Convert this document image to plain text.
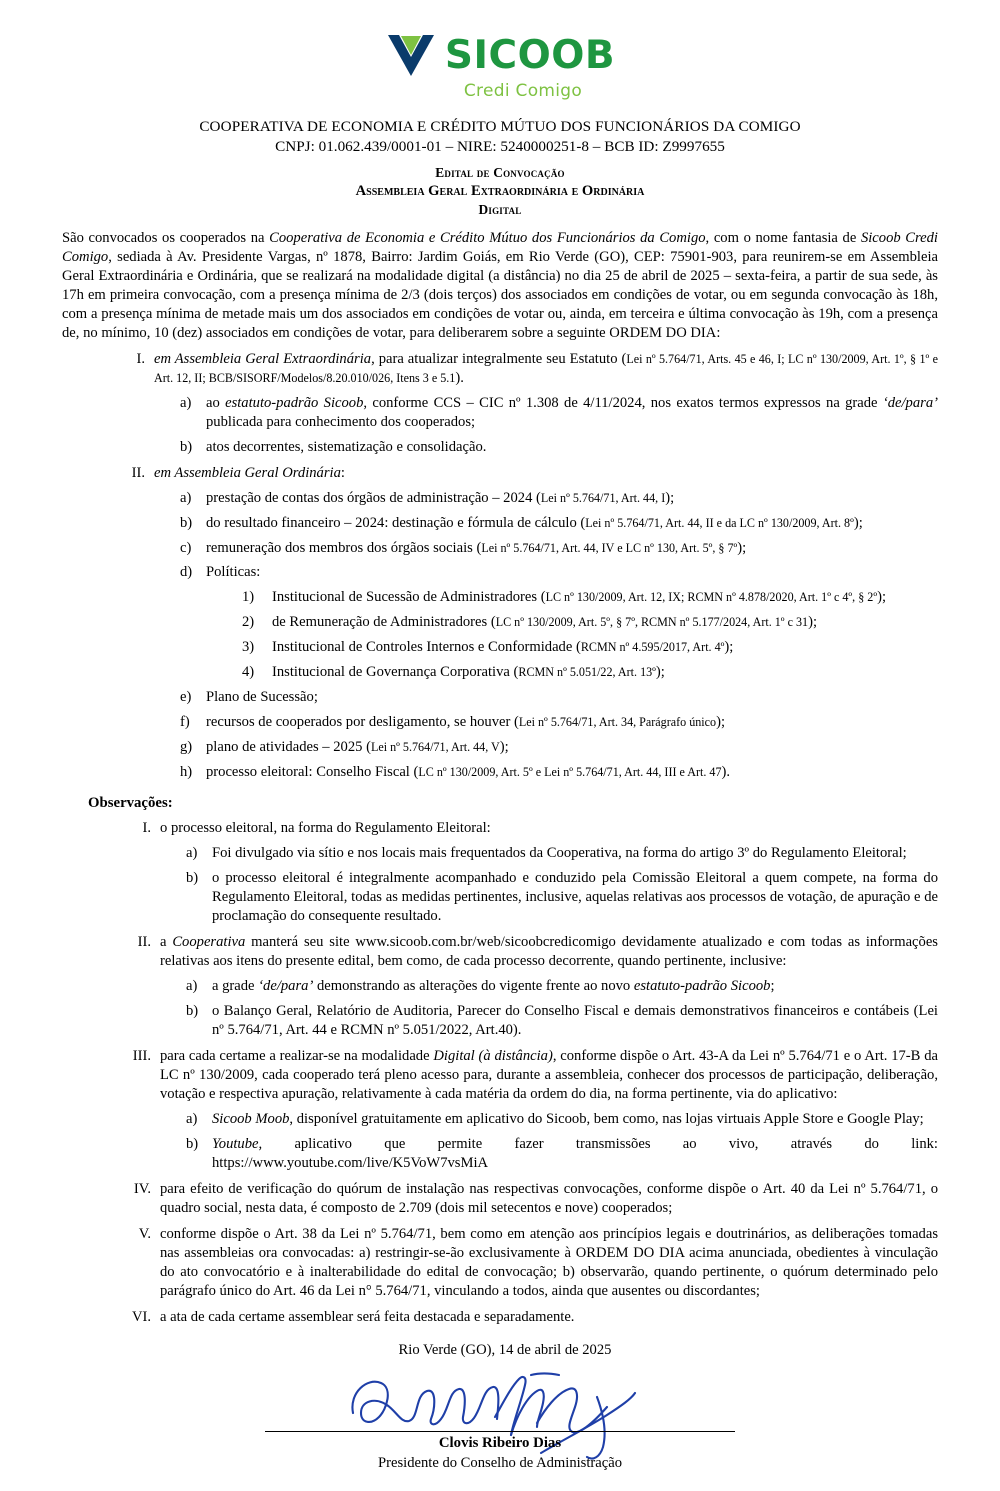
SICOOB
Credi Comigo
COOPERATIVA DE ECONOMIA E CRÉDITO MÚTUO DOS FUNCIONÁRIOS DA COMIGO
CNPJ: 01.062.439/0001-01 – NIRE: 5240000251-8 – BCB ID: Z9997655
Edital de Convocação
Assembleia Geral Extraordinária e Ordinária
Digital

São convocados os cooperados na Cooperativa de Economia e Crédito Mútuo dos Funcionários da Comigo, com o nome fantasia de Sicoob Credi Comigo, sediada à Av. Presidente Vargas, nº 1878, Bairro: Jardim Goiás, em Rio Verde (GO), CEP: 75901-903, para reunirem-se em Assembleia Geral Extraordinária e Ordinária, que se realizará na modalidade digital (a distância) no dia 25 de abril de 2025 – sexta-feira, a partir de sua sede, às 17h em primeira convocação, com a presença mínima de 2/3 (dois terços) dos associados em condições de votar, ou em segunda convocação às 18h, com a presença mínima de metade mais um dos associados em condições de votar ou, ainda, em terceira e última convocação às 19h, com a presença de, no mínimo, 10 (dez) associados em condições de votar, para deliberarem sobre a seguinte ORDEM DO DIA:

I. em Assembleia Geral Extraordinária, para atualizar integralmente seu Estatuto (Lei nº 5.764/71, Arts. 45 e 46, I; LC nº 130/2009, Art. 1º, § 1º e Art. 12, II; BCB/SISORF/Modelos/8.20.010/026, Itens 3 e 5.1).
a)	ao estatuto-padrão Sicoob, conforme CCS – CIC nº 1.308 de 4/11/2024, nos exatos termos expressos na grade ‘de/para’ publicada para conhecimento dos cooperados;
b) atos decorrentes, sistematização e consolidação.
II. em Assembleia Geral Ordinária:
a)	prestação de contas dos órgãos de administração – 2024 (Lei nº 5.764/71, Art. 44, I);
b) do resultado financeiro – 2024: destinação e fórmula de cálculo (Lei nº 5.764/71, Art. 44, II e da LC nº 130/2009, Art. 8º);
c)	remuneração dos membros dos órgãos sociais (Lei nº 5.764/71, Art. 44, IV e LC nº 130, Art. 5º, § 7º);
d) Políticas:
1)	Institucional de Sucessão de Administradores (LC nº 130/2009, Art. 12, IX; RCMN nº 4.878/2020, Art. 1º c 4º, § 2º);
2)	de Remuneração de Administradores (LC nº 130/2009, Art. 5º, § 7º, RCMN nº 5.177/2024, Art. 1º c 31);
3)	Institucional de Controles Internos e Conformidade (RCMN nº 4.595/2017, Art. 4º);
4)	Institucional de Governança Corporativa (RCMN nº 5.051/22, Art. 13º);
e)	Plano de Sucessão;
f)	recursos de cooperados por desligamento, se houver (Lei nº 5.764/71, Art. 34, Parágrafo único);
g) plano de atividades – 2025 (Lei nº 5.764/71, Art. 44, V);
h) processo eleitoral: Conselho Fiscal (LC nº 130/2009, Art. 5º e Lei nº 5.764/71, Art. 44, III e Art. 47).
Observações:
I. o processo eleitoral, na forma do Regulamento Eleitoral:
a)	Foi divulgado via sítio e nos locais mais frequentados da Cooperativa, na forma do artigo 3º do Regulamento Eleitoral;
b) o processo eleitoral é integralmente acompanhado e conduzido pela Comissão Eleitoral a quem compete, na forma do Regulamento Eleitoral, todas as medidas pertinentes, inclusive, aquelas relativas aos processos de votação, de apuração e de proclamação do consequente resultado.
II. a Cooperativa manterá seu site www.sicoob.com.br/web/sicoobcredicomigo devidamente atualizado e com todas as informações relativas aos itens do presente edital, bem como, de cada processo decorrente, quando pertinente, inclusive:
a)	a grade ‘de/para’ demonstrando as alterações do vigente frente ao novo estatuto-padrão Sicoob;
b) o Balanço Geral, Relatório de Auditoria, Parecer do Conselho Fiscal e demais demonstrativos financeiros e contábeis (Lei nº 5.764/71, Art. 44 e RCMN nº 5.051/2022, Art.40).
III. para cada certame a realizar-se na modalidade Digital (à distância), conforme dispõe o Art. 43-A da Lei nº 5.764/71 e o Art. 17-B da LC nº 130/2009, cada cooperado terá pleno acesso para, durante a assembleia, conhecer dos processos de participação, deliberação, votação e respectiva apuração, relativamente à cada matéria da ordem do dia, na forma pertinente, via do aplicativo:
a)	Sicoob Moob, disponível gratuitamente em aplicativo do Sicoob, bem como, nas lojas virtuais Apple Store e Google Play;
b) Youtube, aplicativo que permite fazer transmissões ao vivo, através do link:
https://www.youtube.com/live/K5VoW7vsMiA
IV. para efeito de verificação do quórum de instalação nas respectivas convocações, conforme dispõe o Art. 40 da Lei nº 5.764/71, o quadro social, nesta data, é composto de 2.709 (dois mil setecentos e nove) cooperados;
V. conforme dispõe o Art. 38 da Lei nº 5.764/71, bem como em atenção aos princípios legais e doutrinários, as deliberações tomadas nas assembleias ora convocadas: a) restringir-se-ão exclusivamente à ORDEM DO DIA acima anunciada, obedientes à vinculação do ato convocatório e à inalterabilidade do edital de convocação; b) observarão, quando pertinente, o quórum determinado pelo parágrafo único do Art. 46 da Lei n° 5.764/71, vinculando a todos, ainda que ausentes ou discordantes;
VI. a ata de cada certame assemblear será feita destacada e separadamente.
Rio Verde (GO), 14 de abril de 2025
Clovis Ribeiro Dias
Presidente do Conselho de Administração
